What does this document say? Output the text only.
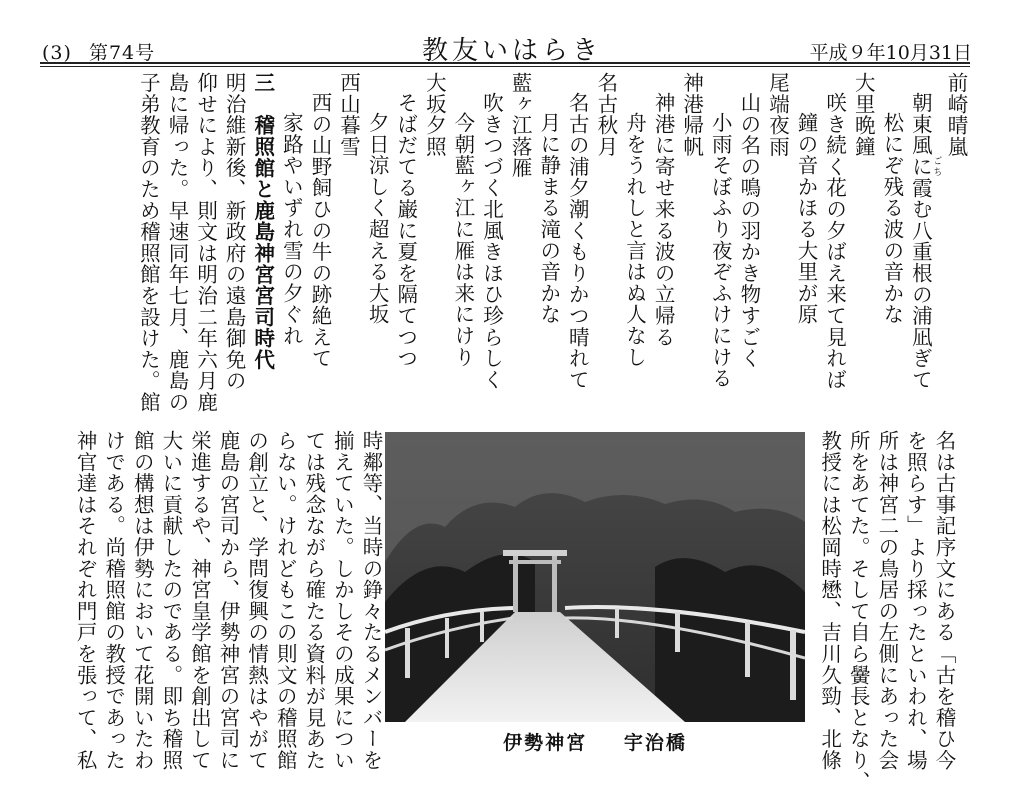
(3) 第74号	教友いはらき	平成９年10月31日
前崎晴嵐
朝東風に ごち霞む八重根の浦凪ぎて
松にぞ残る波の音かな
大里晩鐘
咲き続く花の夕ばえ来て見れば
鐘の音かほる大里が原
尾端夜雨
山の名の鳴の羽かき物すごく
小雨そぼふり夜ぞふけにける
神港帰帆
神港に寄せ来る波の立帰る
舟をうれしと言はぬ人なし
名古秋月
名古の浦夕潮くもりかつ晴れて
月に静まる滝の音かな
藍ヶ江落雁
吹きつづく北風きほひ珍らしく
今朝藍ヶ江に雁は来にけり
大坂夕照
そばだてる巌に夏を隔てつつ
夕日涼しく超える大坂
西山暮雪
西の山野飼ひの牛の跡絶えて
家路やいずれ雪の夕ぐれ
三　稽照館と鹿島神宮宮司時代
明治維新後、新政府の遠島御免の
仰せにより、則文は明治二年六月鹿
島に帰った。早速同年七月、鹿島の
子弟教育のため稽照館を設けた。館
名は古事記序文にある「古を稽ひ今
を照らす」より採ったといわれ、場
所は神宮二の鳥居の左側にあった会
所をあてた。そして自ら黌長となり、
教授には松岡時懋、吉川久勁、北條
伊勢神宮 宇治橋
時鄰等、当時の錚々たるメンバーを
揃えていた。しかしその成果につい
ては残念ながら確たる資料が見あた
らない。けれどもこの則文の稽照館
の創立と、学問復興の情熱はやがて
鹿島の宮司から、伊勢神宮の宮司に
栄進するや、神宮皇学館を創出して
大いに貢献したのである。即ち稽照
館の構想は伊勢において花開いたわ
けである。尚稽照館の教授であった
神官達はそれぞれ門戸を張って、私
